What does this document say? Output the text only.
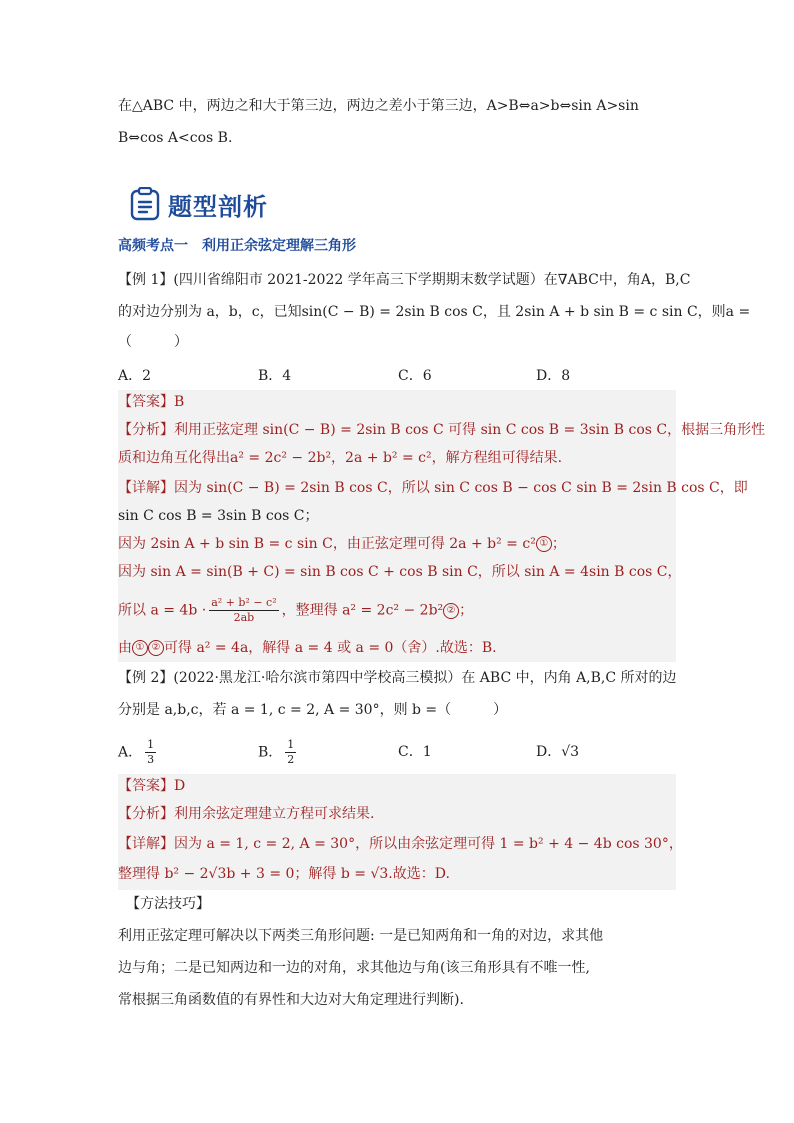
在△ABC 中，两边之和大于第三边，两边之差小于第三边，A>B⇔a>b⇔sin A>sin
B⇔cos A<cos B.
题型剖析
高频考点一　利用正余弦定理解三角形
【例 1】(四川省绵阳市 2021-2022 学年高三下学期期末数学试题）在∇ABC中，角A，B,C
的对边分别为 a，b，c，已知sin(C − B) = 2sin B cos C，且 2sin A + b sin B = c sin C，则a =
（　　　）
A．2	B．4	C．6	D．8
【答案】B
【分析】利用正弦定理 sin(C − B) = 2sin B cos C 可得 sin C cos B = 3sin B cos C，根据三角形性
质和边角互化得出a² = 2c² − 2b²，2a + b² = c²，解方程组可得结果.
【详解】因为 sin(C − B) = 2sin B cos C，所以 sin C cos B − cos C sin B = 2sin B cos C，即
sin C cos B = 3sin B cos C；
因为 2sin A + b sin B = c sin C，由正弦定理可得 2a + b² = c² ① ；
因为 sin A = sin(B + C) = sin B cos C + cos B sin C，所以 sin A = 4sin B cos C，
所以 $a = 4b \cdot \frac{\text{a² + b² − c²}}{2ab}$ ，整理得 a² = 2c² − 2b² ② ；
由 ① ② 可得 a² = 4a，解得 a = 4 或 a = 0（舍）.故选：B.
【例 2】(2022·黑龙江·哈尔滨市第四中学校高三模拟）在 ABC 中，内角 A,B,C 所对的边
分别是 a,b,c，若 a = 1, c = 2, A = 30°，则 b =（　　　）
A． $\frac{1}{3}$	B． $\frac{1}{2}$	C．1	D．√3
【答案】D
【分析】利用余弦定理建立方程可求结果.
【详解】因为 a = 1, c = 2, A = 30°，所以由余弦定理可得 1 = b² + 4 − 4b cos 30°，
整理得 b² − 2√3b + 3 = 0；解得 b = √3.故选：D.
【方法技巧】
利用正弦定理可解决以下两类三角形问题: 一是已知两角和一角的对边，求其他
边与角；二是已知两边和一边的对角，求其他边与角(该三角形具有不唯一性,
常根据三角函数值的有界性和大边对大角定理进行判断).
